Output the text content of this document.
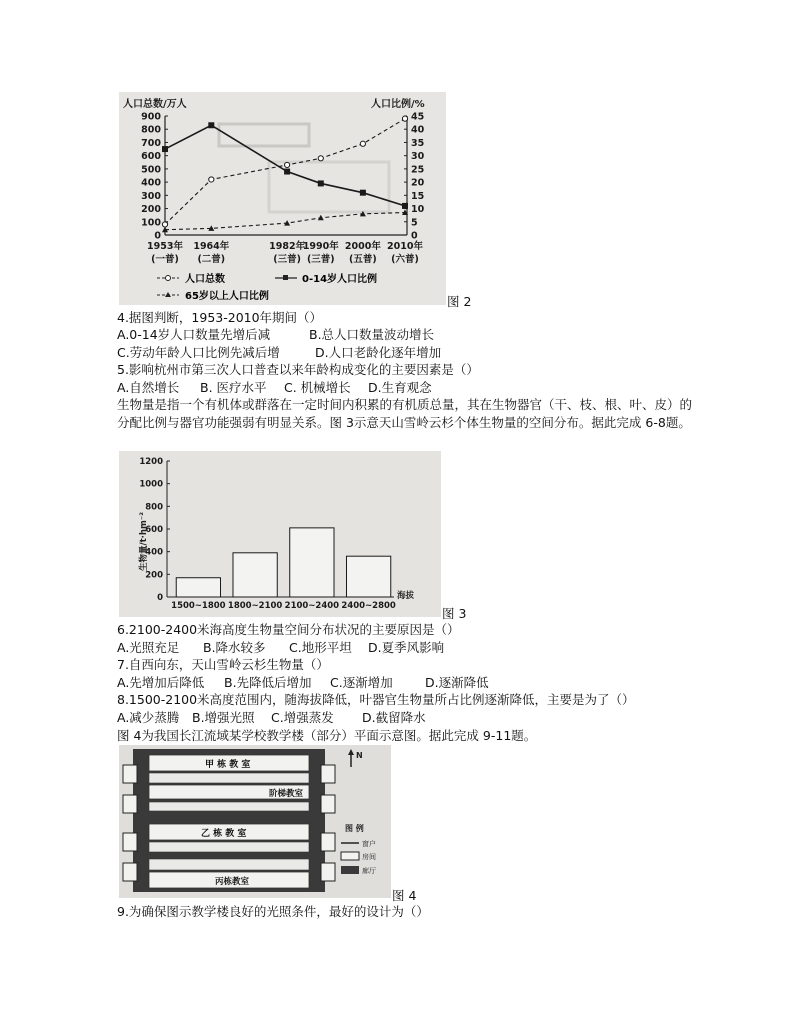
人口总数/万人	人口比例/%
900
800
700
600
500
400
300
200
100
0
45
40
35
30
25
20
15
10
5
0
1953年
(一普)
1964年
(二普)
1982年
(三普)
1990年
(三普)
2000年
(五普)
2010年
(六普)
人口总数	0-14岁人口比例
65岁以上人口比例	图 2
4.据图判断，1953-2010年期间（）
A.0-14岁人口数量先增后减	B.总人口数量波动增长
C.劳动年龄人口比例先减后增	D.人口老龄化逐年增加
5.影响杭州市第三次人口普查以来年龄构成变化的主要因素是（）
A.自然增长 B. 医疗水平 C. 机械增长 D.生育观念
生物量是指一个有机体或群落在一定时间内积累的有机质总量，其在生物器官（干、枝、根、叶、皮）的分配比例与器官功能强弱有明显关系。图 3示意天山雪岭云杉个体生物量的空间分布。据此完成 6-8题。
生物量/t·hm⁻²
1200
1000
800
600
400
200
0
1500~1800 1800~2100 2100~2400 2400~2800
海拔
图 3
6.2100-2400米海高度生物量空间分布状况的主要原因是（）
A.光照充足 B.降水较多 C.地形平坦 D.夏季风影响
7.自西向东，天山雪岭云杉生物量（）
A.先增加后降低 B.先降低后增加 C.逐渐增加	D.逐渐降低
8.1500-2100米高度范围内，随海拔降低，叶器官生物量所占比例逐渐降低，主要是为了（）
A.减少蒸腾 B.增强光照 C.增强蒸发 D.截留降水
图 4为我国长江流域某学校教学楼（部分）平面示意图。据此完成 9-11题。
甲 栋 教 室
阶梯教室
乙 栋 教 室
丙栋教室
N
图 例
窗户
房间
廊厅
图 4
9.为确保图示教学楼良好的光照条件，最好的设计为（）
